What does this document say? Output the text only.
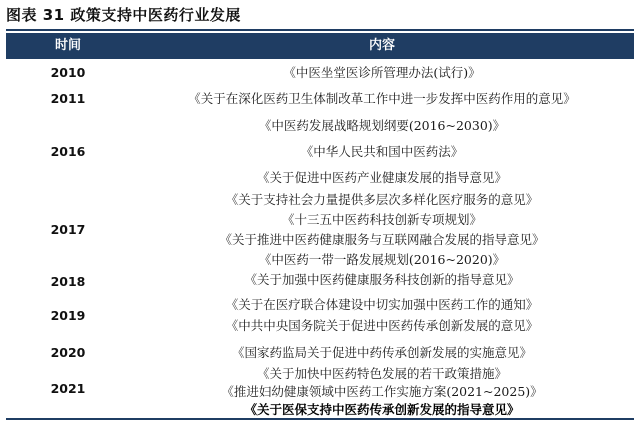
图表 31 政策支持中医药行业发展
时间	内容
2010
2011
2016
2017
2018
2019
2020
2021
《中医坐堂医诊所管理办法(试行)》
《关于在深化医药卫生体制改革工作中进一步发挥中医药作用的意见》
《中医药发展战略规划纲要(2016~2030)》
《中华人民共和国中医药法》
《关于促进中医药产业健康发展的指导意见》
《关于支持社会力量提供多层次多样化医疗服务的意见》
《十三五中医药科技创新专项规划》
《关于推进中医药健康服务与互联网融合发展的指导意见》
《中医药一带一路发展规划(2016~2020)》
《关于加强中医药健康服务科技创新的指导意见》
《关于在医疗联合体建设中切实加强中医药工作的通知》
《中共中央国务院关于促进中医药传承创新发展的意见》
《国家药监局关于促进中药传承创新发展的实施意见》
《关于加快中医药特色发展的若干政策措施》
《推进妇幼健康领域中医药工作实施方案(2021~2025)》
《关于医保支持中医药传承创新发展的指导意见》
